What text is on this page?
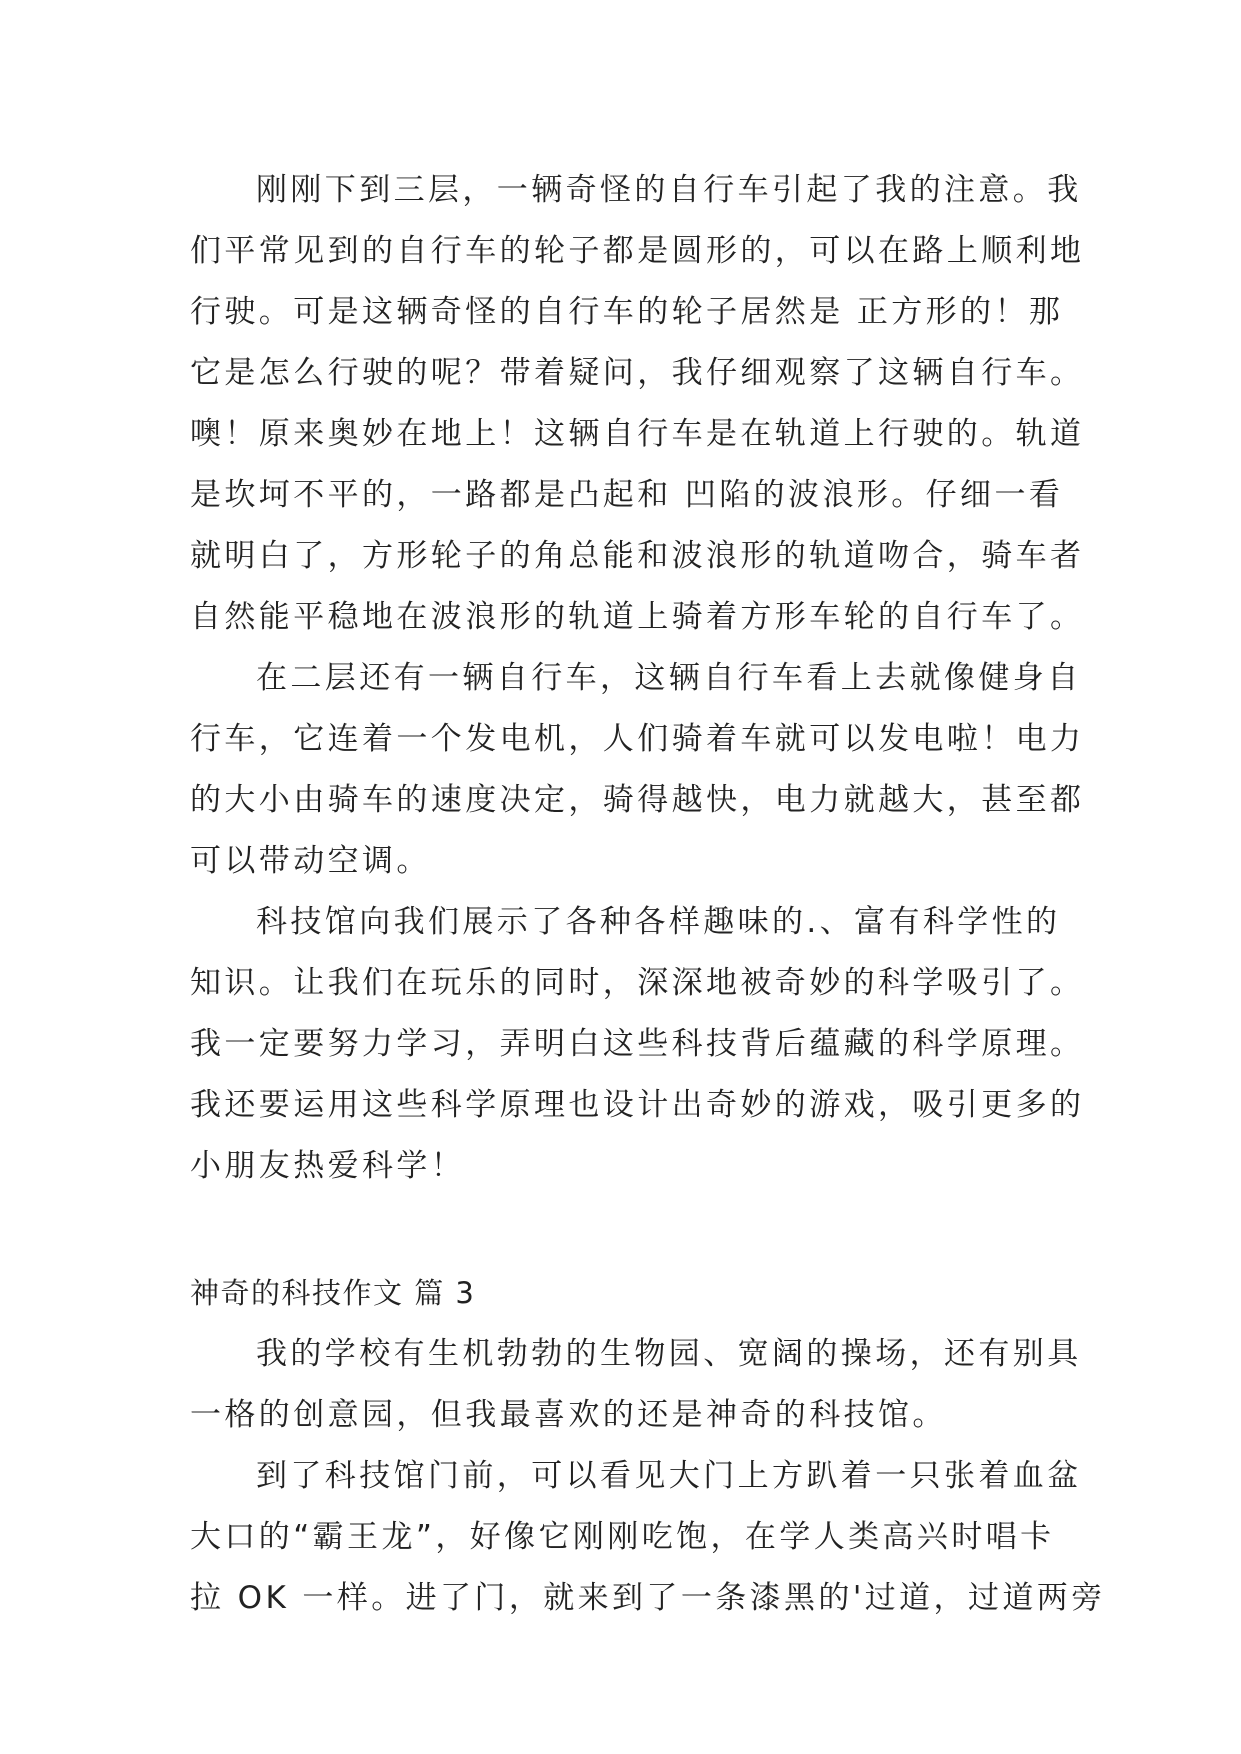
刚刚下到三层，一辆奇怪的自行车引起了我的注意。我
们平常见到的自行车的轮子都是圆形的，可以在路上顺利地
行驶。可是这辆奇怪的自行车的轮子居然是 正方形的！那
它是怎么行驶的呢？带着疑问，我仔细观察了这辆自行车。
噢！原来奥妙在地上！这辆自行车是在轨道上行驶的。轨道
是坎坷不平的，一路都是凸起和 凹陷的波浪形。仔细一看
就明白了，方形轮子的角总能和波浪形的轨道吻合，骑车者
自然能平稳地在波浪形的轨道上骑着方形车轮的自行车了。
在二层还有一辆自行车，这辆自行车看上去就像健身自
行车，它连着一个发电机，人们骑着车就可以发电啦！电力
的大小由骑车的速度决定，骑得越快，电力就越大，甚至都
可以带动空调。
科技馆向我们展示了各种各样趣味的.、富有科学性的
知识。让我们在玩乐的同时，深深地被奇妙的科学吸引了。
我一定要努力学习，弄明白这些科技背后蕴藏的科学原理。
我还要运用这些科学原理也设计出奇妙的游戏，吸引更多的
小朋友热爱科学！
神奇的科技作文 篇 3
我的学校有生机勃勃的生物园、宽阔的操场，还有别具
一格的创意园，但我最喜欢的还是神奇的科技馆。
到了科技馆门前，可以看见大门上方趴着一只张着血盆
大口的“霸王龙”，好像它刚刚吃饱，在学人类高兴时唱卡
拉 OK 一样。进了门，就来到了一条漆黑的'过道，过道两旁
